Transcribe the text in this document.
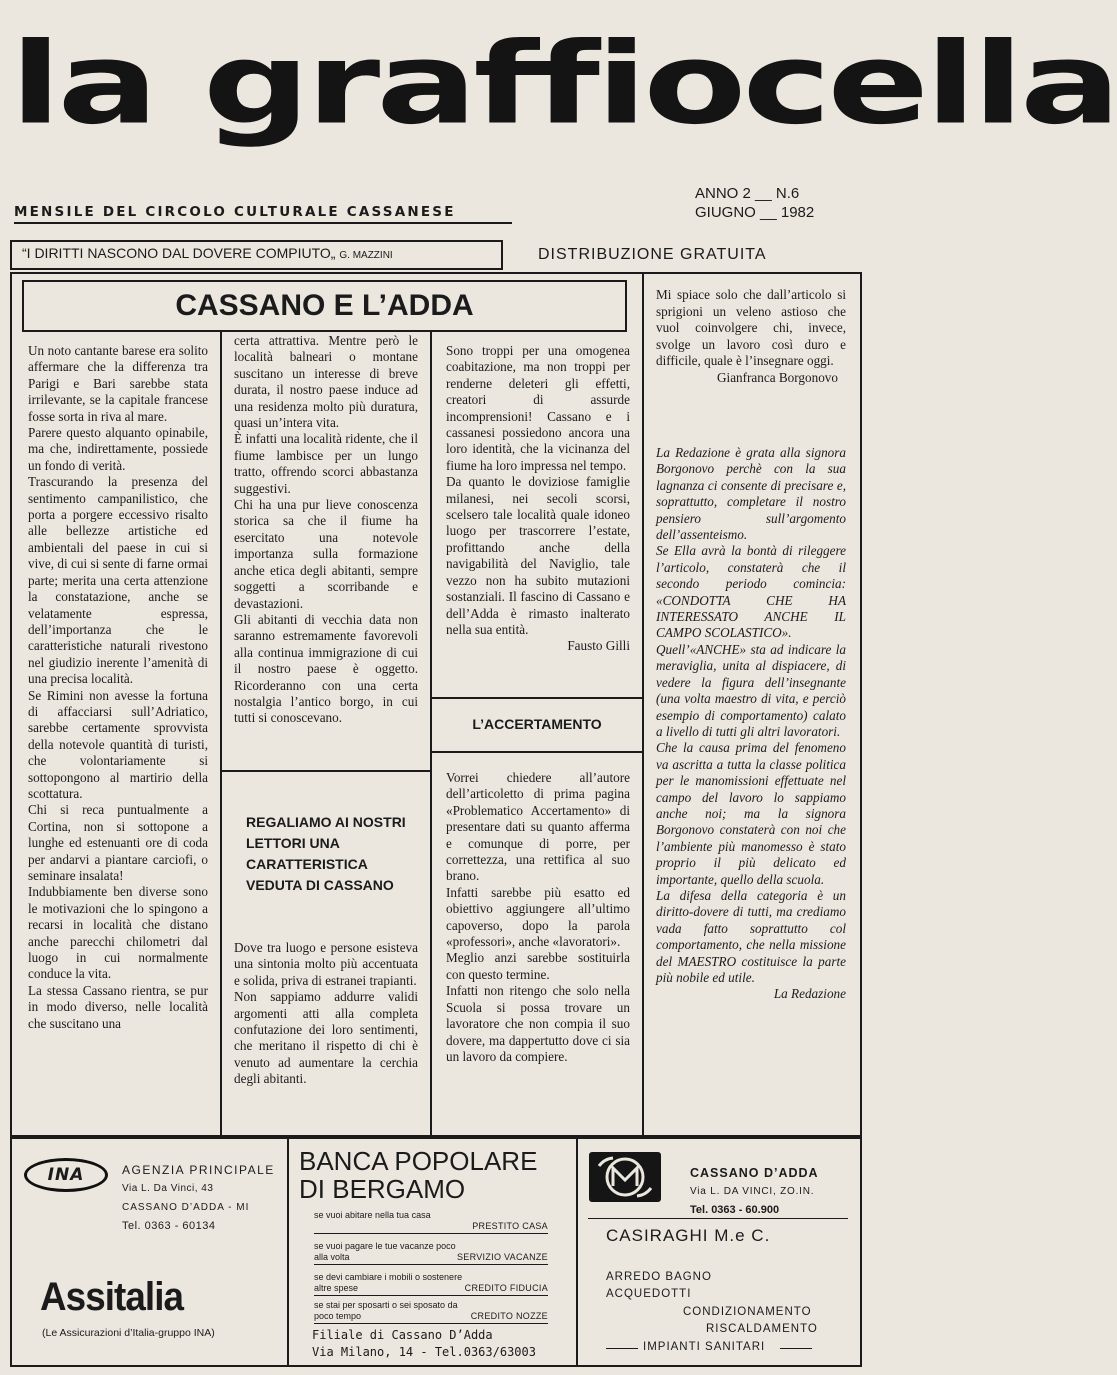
la graffiocella
MENSILE DEL CIRCOLO CULTURALE CASSANESE
ANNO 2 __ N.6
GIUGNO __ 1982
“I DIRITTI NASCONO DAL DOVERE COMPIUTO„ G. MAZZINI	DISTRIBUZIONE GRATUITA
CASSANO E L’ADDA

Un noto cantante barese era solito affermare che la differenza tra Parigi e Bari sarebbe stata irrilevante, se la capitale francese fosse sorta in riva al mare.

Parere questo alquanto opinabile, ma che, indirettamente, possiede un fondo di verità.

Trascurando la presenza del sentimento campanilistico, che porta a porgere eccessivo risalto alle bellezze artistiche ed ambientali del paese in cui si vive, di cui si sente di farne ormai parte; merita una certa attenzione la constatazione, anche se velatamente espressa, dell’importanza che le caratteristiche naturali rivestono nel giudizio inerente l’amenità di una precisa località.

Se Rimini non avesse la fortuna di affacciarsi sull’Adriatico, sarebbe certamente sprovvista della notevole quantità di turisti, che volontariamente si sottopongono al martirio della scottatura.

Chi si reca puntualmente a Cortina, non si sottopone a lunghe ed estenuanti ore di coda per andarvi a piantare carciofi, o seminare insalata!

Indubbiamente ben diverse sono le motivazioni che lo spingono a recarsi in località che distano anche parecchi chilometri dal luogo in cui normalmente conduce la vita.

La stessa Cassano rientra, se pur in modo diverso, nelle località che suscitano una

certa attrattiva. Mentre però le località balneari o montane suscitano un interesse di breve durata, il nostro paese induce ad una residenza molto più duratura, quasi un’intera vita.

È infatti una località ridente, che il fiume lambisce per un lungo tratto, offrendo scorci abbastanza suggestivi.

Chi ha una pur lieve conoscenza storica sa che il fiume ha esercitato una notevole importanza sulla formazione anche etica degli abitanti, sempre soggetti a scorribande e devastazioni.

Gli abitanti di vecchia data non saranno estremamente favorevoli alla continua immigrazione di cui il nostro paese è oggetto. Ricorderanno con una certa nostalgia l’antico borgo, in cui tutti si conoscevano.

REGALIAMO AI NOSTRI
LETTORI UNA
CARATTERISTICA
VEDUTA DI CASSANO

Dove tra luogo e persone esisteva una sintonia molto più accentuata e solida, priva di estranei trapianti.

Non sappiamo addurre validi argomenti atti alla completa confutazione dei loro sentimenti, che meritano il rispetto di chi è venuto ad aumentare la cerchia degli abitanti.

Sono troppi per una omogenea coabitazione, ma non troppi per renderne deleteri gli effetti, creatori di assurde incomprensioni! Cassano e i cassanesi possiedono ancora una loro identità, che la vicinanza del fiume ha loro impressa nel tempo.

Da quanto le doviziose famiglie milanesi, nei secoli scorsi, scelsero tale località quale idoneo luogo per trascorrere l’estate, profittando anche della navigabilità del Naviglio, tale vezzo non ha subito mutazioni sostanziali. Il fascino di Cassano e dell’Adda è rimasto inalterato nella sua entità.

Fausto Gilli

L’ACCERTAMENTO

Vorrei chiedere all’autore dell’articoletto di prima pagina «Problematico Accertamento» di presentare dati su quanto afferma e comunque di porre, per correttezza, una rettifica al suo brano.

Infatti sarebbe più esatto ed obiettivo aggiungere all’ultimo capoverso, dopo la parola «professori», anche «lavoratori».

Meglio anzi sarebbe sostituirla con questo termine.

Infatti non ritengo che solo nella Scuola si possa trovare un lavoratore che non compia il suo dovere, ma dappertutto dove ci sia un lavoro da compiere.

Mi spiace solo che dall’articolo si sprigioni un veleno astioso che vuol coinvolgere chi, invece, svolge un lavoro così duro e difficile, quale è l’insegnare oggi.

Gianfranca Borgonovo

La Redazione è grata alla signora Borgonovo perchè con la sua lagnanza ci consente di precisare e, soprattutto, completare il nostro pensiero sull’argomento dell’assenteismo.

Se Ella avrà la bontà di rileggere l’articolo, constaterà che il secondo periodo comincia: «CONDOTTA CHE HA INTERESSATO ANCHE IL CAMPO SCOLASTICO».

Quell’«ANCHE» sta ad indicare la meraviglia, unita al dispiacere, di vedere la figura dell’insegnante (una volta maestro di vita, e perciò esempio di comportamento) calato a livello di tutti gli altri lavoratori.

Che la causa prima del fenomeno va ascritta a tutta la classe politica per le manomissioni effettuate nel campo del lavoro lo sappiamo anche noi; ma la signora Borgonovo constaterà con noi che l’ambiente più manomesso è stato proprio il più delicato ed importante, quello della scuola.

La difesa della categoria è un diritto-dovere di tutti, ma crediamo vada fatto soprattutto col comportamento, che nella missione del MAESTRO costituisce la parte più nobile ed utile.

La Redazione

INA	AGENZIA PRINCIPALE
Via L. Da Vinci, 43
CASSANO D’ADDA - MI
Tel. 0363 - 60134
Assitalia
(Le Assicurazioni d’Italia-gruppo INA)
BANCA POPOLARE
DI BERGAMO
se vuoi abitare nella tua casa
PRESTITO CASA
se vuoi pagare le tue vacanze poco alla volta	SERVIZIO VACANZE
se devi cambiare i mobili o sostenere altre spese	CREDITO FIDUCIA
se stai per sposarti o sei sposato da poco tempo	CREDITO NOZZE
Filiale di Cassano D’Adda
Via Milano, 14 - Tel.0363/63003
CASSANO D’ADDA
Via L. DA VINCI, ZO.IN.
Tel. 0363 - 60.900
CASIRAGHI M.e C.
ARREDO BAGNO
ACQUEDOTTI
CONDIZIONAMENTO
RISCALDAMENTO
IMPIANTI SANITARI
